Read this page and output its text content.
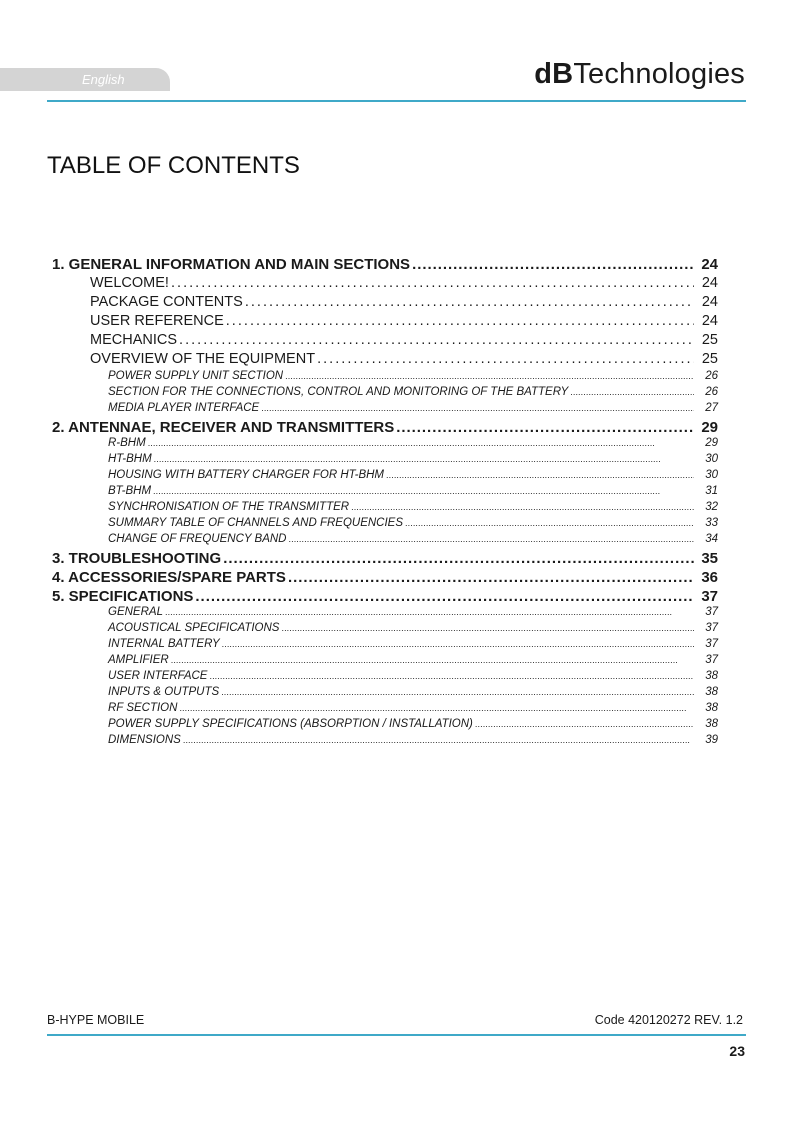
English	dBTechnologies
TABLE OF CONTENTS
1. GENERAL INFORMATION AND MAIN SECTIONS . . .	24
WELCOME! . . .	24
PACKAGE CONTENTS . . .	24
USER REFERENCE . . .	24
MECHANICS . . .	25
OVERVIEW OF THE EQUIPMENT . . .	25
POWER SUPPLY UNIT SECTION . . .	26
SECTION FOR THE CONNECTIONS, CONTROL AND MONITORING OF THE BATTERY . . .	26
MEDIA PLAYER INTERFACE . . .	27
2. ANTENNAE, RECEIVER AND TRANSMITTERS . . .	29
R-BHM . . .	29
HT-BHM . . .	30
HOUSING WITH BATTERY CHARGER FOR HT-BHM . . .	30
BT-BHM . . .	31
SYNCHRONISATION OF THE TRANSMITTER . . .	32
SUMMARY TABLE OF CHANNELS AND FREQUENCIES . . .	33
CHANGE OF FREQUENCY BAND . . .	34
3. TROUBLESHOOTING . . .	35
4. ACCESSORIES/SPARE PARTS . . .	36
5. SPECIFICATIONS . . .	37
GENERAL . . .	37
ACOUSTICAL SPECIFICATIONS . . .	37
INTERNAL BATTERY . . .	37
AMPLIFIER . . .	37
USER INTERFACE . . .	38
INPUTS & OUTPUTS . . .	38
RF SECTION . . .	38
POWER SUPPLY SPECIFICATIONS (ABSORPTION / INSTALLATION) . . .	38
DIMENSIONS . . .	39
B-HYPE MOBILE	Code 420120272 REV. 1.2
23
